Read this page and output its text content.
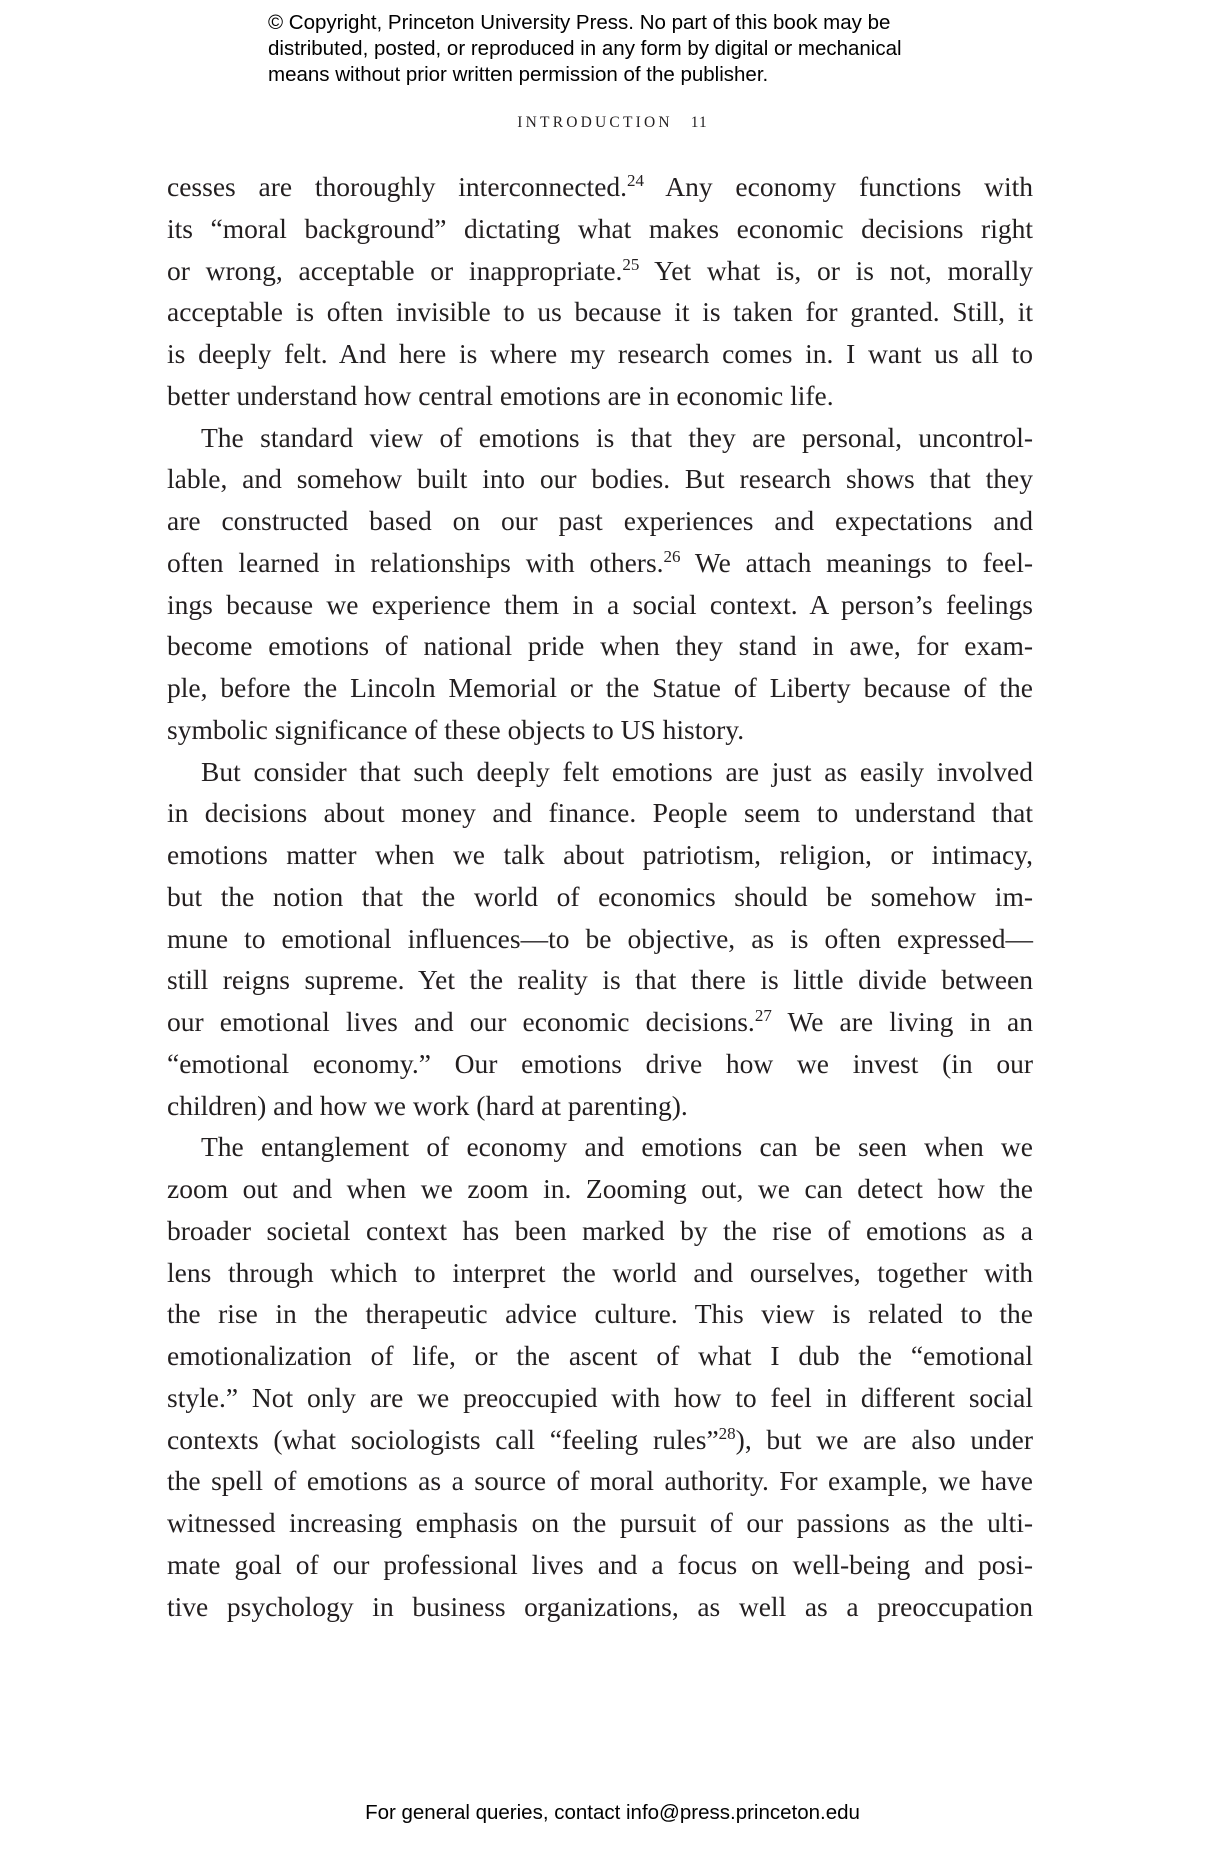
© Copyright, Princeton University Press. No part of this book may be
distributed, posted, or reproduced in any form by digital or mechanical
means without prior written permission of the publisher.
INTRODUCTION 11
cesses are thoroughly interconnected.$^{24}$ Any economy functions with
its “moral background” dictating what makes economic decisions right
or wrong, acceptable or inappropriate.$^{25}$ Yet what is, or is not, morally
acceptable is often invisible to us because it is taken for granted. Still, it
is deeply felt. And here is where my research comes in. I want us all to
better understand how central emotions are in economic life.
The standard view of emotions is that they are personal, uncontrol-
lable, and somehow built into our bodies. But research shows that they
are constructed based on our past experiences and expectations and
often learned in relationships with others.$^{26}$ We attach meanings to feel-
ings because we experience them in a social context. A person’s feelings
become emotions of national pride when they stand in awe, for exam-
ple, before the Lincoln Memorial or the Statue of Liberty because of the
symbolic significance of these objects to US history.
But consider that such deeply felt emotions are just as easily involved
in decisions about money and finance. People seem to understand that
emotions matter when we talk about patriotism, religion, or intimacy,
but the notion that the world of economics should be somehow im-
mune to emotional influences—to be objective, as is often expressed—
still reigns supreme. Yet the reality is that there is little divide between
our emotional lives and our economic decisions.$^{27}$ We are living in an
“emotional economy.” Our emotions drive how we invest (in our
children) and how we work (hard at parenting).
The entanglement of economy and emotions can be seen when we
zoom out and when we zoom in. Zooming out, we can detect how the
broader societal context has been marked by the rise of emotions as a
lens through which to interpret the world and ourselves, together with
the rise in the therapeutic advice culture. This view is related to the
emotionalization of life, or the ascent of what I dub the “emotional
style.” Not only are we preoccupied with how to feel in different social
contexts (what sociologists call “feeling rules”$^{28}$), but we are also under
the spell of emotions as a source of moral authority. For example, we have
witnessed increasing emphasis on the pursuit of our passions as the ulti-
mate goal of our professional lives and a focus on well-being and posi-
tive psychology in business organizations, as well as a preoccupation
For general queries, contact info@press.princeton.edu
